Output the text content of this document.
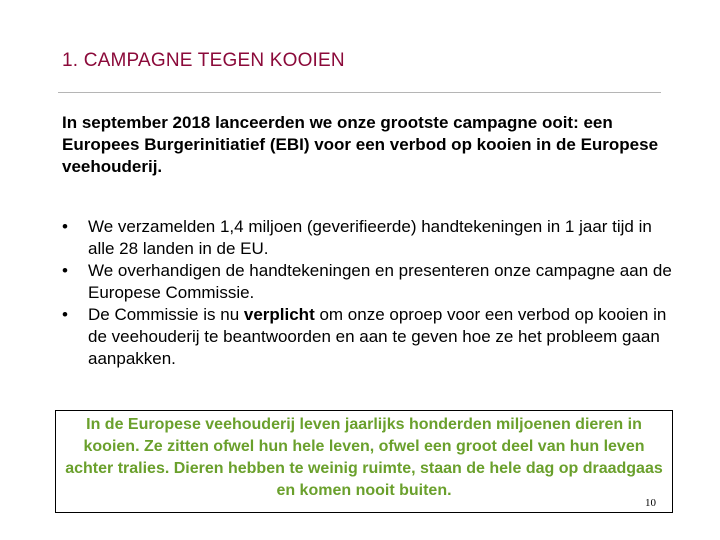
1. CAMPAGNE TEGEN KOOIEN
In september 2018 lanceerden we onze grootste campagne ooit: een Europees Burgerinitiatief (EBI) voor een verbod op kooien in de Europese veehouderij.
• We verzamelden 1,4 miljoen (geverifieerde) handtekeningen in 1 jaar tijd in alle 28 landen in de EU.
• We overhandigen de handtekeningen en presenteren onze campagne aan de Europese Commissie.
• De Commissie is nu verplicht om onze oproep voor een verbod op kooien in de veehouderij te beantwoorden en aan te geven hoe ze het probleem gaan aanpakken.
In de Europese veehouderij leven jaarlijks honderden miljoenen dieren in kooien. Ze zitten ofwel hun hele leven, ofwel een groot deel van hun leven achter tralies. Dieren hebben te weinig ruimte, staan de hele dag op draadgaas en komen nooit buiten.
10
